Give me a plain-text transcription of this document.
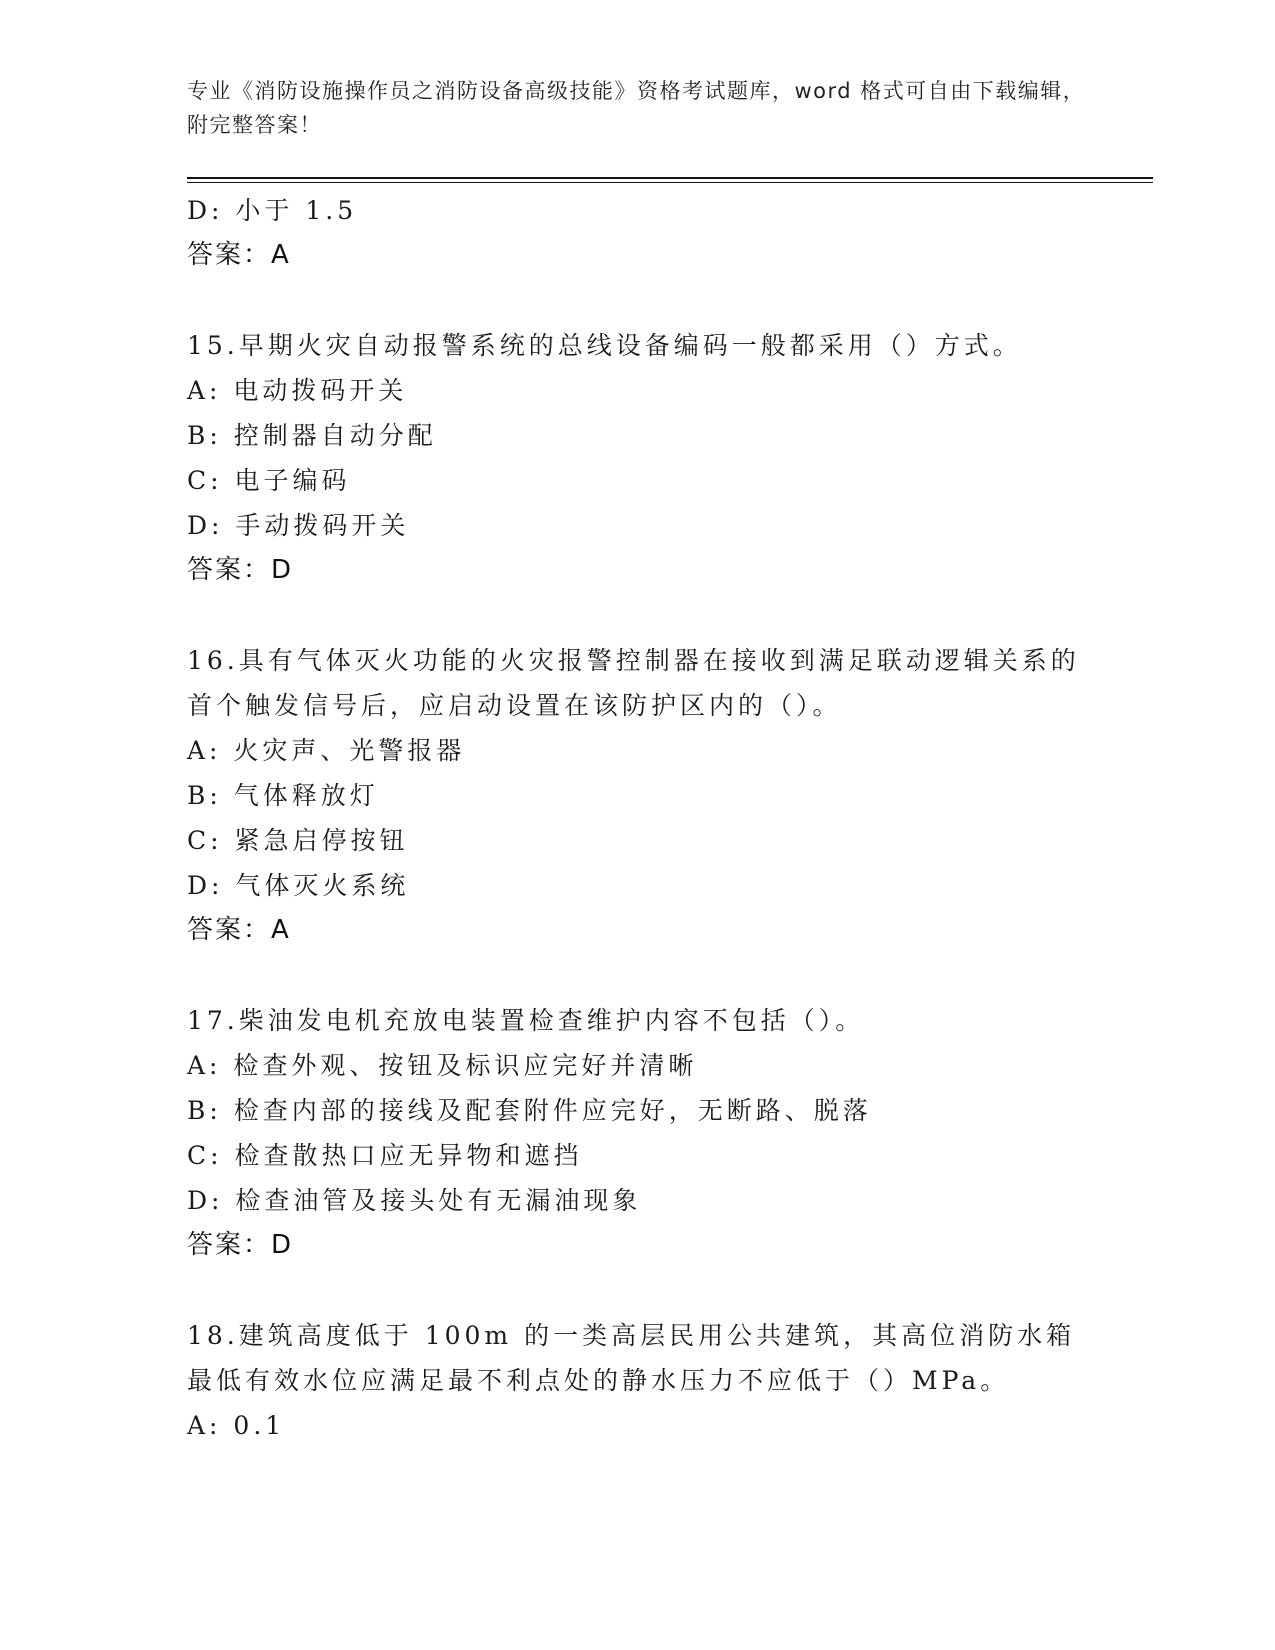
专业《消防设施操作员之消防设备高级技能》资格考试题库，word 格式可自由下载编辑，附完整答案！
D: 小于 1.5
答案：A
15.早期火灾自动报警系统的总线设备编码一般都采用（）方式。
A: 电动拨码开关
B: 控制器自动分配
C: 电子编码
D: 手动拨码开关
答案：D
16.具有气体灭火功能的火灾报警控制器在接收到满足联动逻辑关系的首个触发信号后，应启动设置在该防护区内的（）。
A: 火灾声、光警报器
B: 气体释放灯
C: 紧急启停按钮
D: 气体灭火系统
答案：A
17.柴油发电机充放电装置检查维护内容不包括（）。
A: 检查外观、按钮及标识应完好并清晰
B: 检查内部的接线及配套附件应完好，无断路、脱落
C: 检查散热口应无异物和遮挡
D: 检查油管及接头处有无漏油现象
答案：D
18.建筑高度低于 100m 的一类高层民用公共建筑，其高位消防水箱最低有效水位应满足最不利点处的静水压力不应低于（）MPa。
A: 0.1
